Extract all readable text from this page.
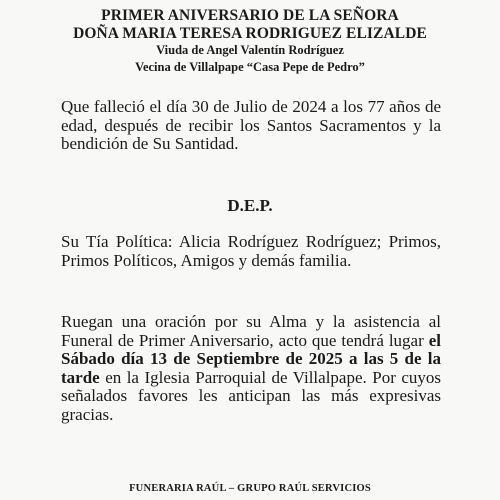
PRIMER ANIVERSARIO DE LA SEÑORA
DOÑA MARIA TERESA RODRIGUEZ ELIZALDE
Viuda de Angel Valentín Rodríguez
Vecina de Villalpape “Casa Pepe de Pedro”
Que falleció el día 30 de Julio de 2024 a los 77 años de edad, después de recibir los Santos Sacramentos y la bendición de Su Santidad.
D.E.P.
Su Tía Política: Alicia Rodríguez Rodríguez; Primos, Primos Políticos, Amigos y demás familia.
Ruegan una oración por su Alma y la asistencia al Funeral de Primer Aniversario, acto que tendrá lugar el Sábado día 13 de Septiembre de 2025 a las 5 de la tarde en la Iglesia Parroquial de Villalpape. Por cuyos señalados favores les anticipan las más expresivas gracias.
FUNERARIA RAÚL – GRUPO RAÚL SERVICIOS
